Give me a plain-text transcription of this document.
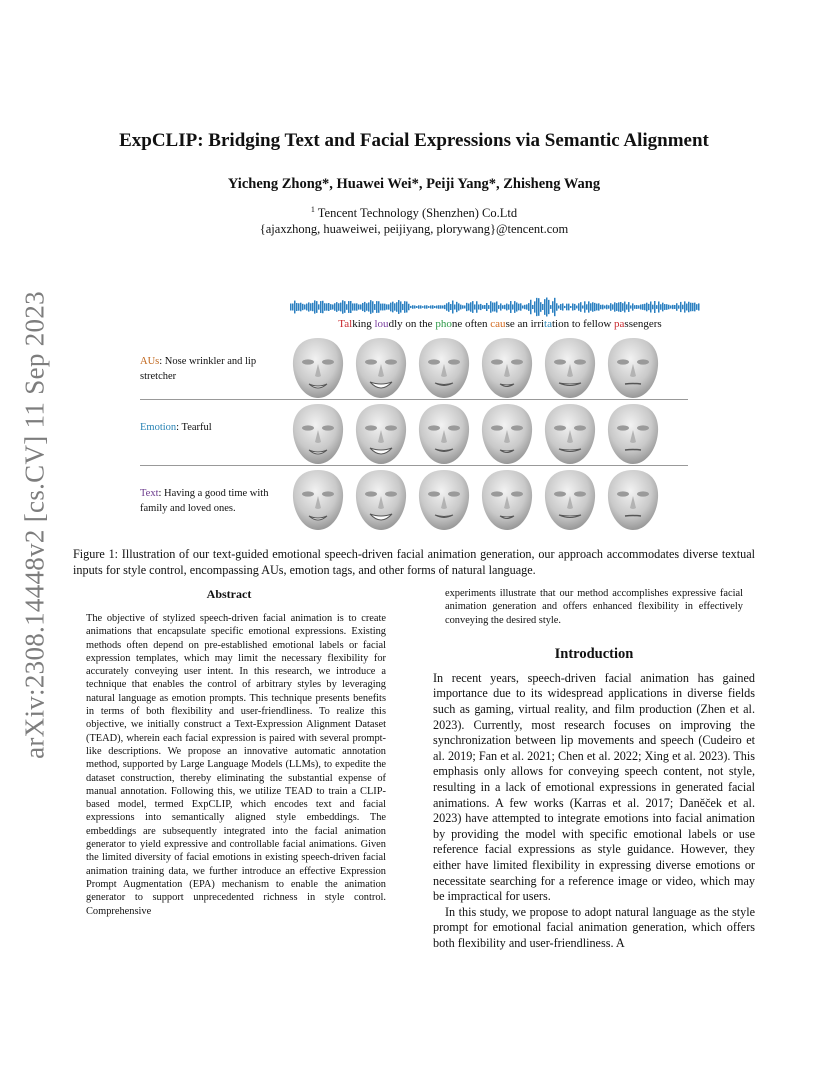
arXiv:2308.14448v2 [cs.CV] 11 Sep 2023
ExpCLIP: Bridging Text and Facial Expressions via Semantic Alignment
Yicheng Zhong*, Huawei Wei*, Peiji Yang*, Zhisheng Wang
$^1$ Tencent Technology (Shenzhen) Co.Ltd
{ajaxzhong, huaweiwei, peijiyang, plorywang}@tencent.com
Talking loudly on the phone often cause an irritation to fellow passengers
AUs: Nose wrinkler and lip stretcher
Emotion: Tearful
Text: Having a good time with family and loved ones.
Figure 1: Illustration of our text-guided emotional speech-driven facial animation generation, our approach accommodates diverse textual inputs for style control, encompassing AUs, emotion tags, and other forms of natural language.
Abstract

The objective of stylized speech-driven facial animation is to create animations that encapsulate specific emotional expressions. Existing methods often depend on pre-established emotional labels or facial expression templates, which may limit the necessary flexibility for accurately conveying user intent. In this research, we introduce a technique that enables the control of arbitrary styles by leveraging natural language as emotion prompts. This technique presents benefits in terms of both flexibility and user-friendliness. To realize this objective, we initially construct a Text-Expression Alignment Dataset (TEAD), wherein each facial expression is paired with several prompt-like descriptions. We propose an innovative automatic annotation method, supported by Large Language Models (LLMs), to expedite the dataset construction, thereby eliminating the substantial expense of manual annotation. Following this, we utilize TEAD to train a CLIP-based model, termed ExpCLIP, which encodes text and facial expressions into semantically aligned style embeddings. The embeddings are subsequently integrated into the facial animation generator to yield expressive and controllable facial animations. Given the limited diversity of facial emotions in existing speech-driven facial animation training data, we further introduce an effective Expression Prompt Augmentation (EPA) mechanism to enable the animation generator to support unprecedented richness in style control. Comprehensive

experiments illustrate that our method accomplishes expressive facial animation generation and offers enhanced flexibility in effectively conveying the desired style.

Introduction

In recent years, speech-driven facial animation has gained importance due to its widespread applications in diverse fields such as gaming, virtual reality, and film production (Zhen et al. 2023). Currently, most research focuses on improving the synchronization between lip movements and speech (Cudeiro et al. 2019; Fan et al. 2021; Chen et al. 2022; Xing et al. 2023). This emphasis only allows for conveying speech content, not style, resulting in a lack of emotional expressions in generated facial animations. A few works (Karras et al. 2017; Daněček et al. 2023) have attempted to integrate emotions into facial animation by providing the model with specific emotional labels or use reference facial expressions as style guidance. However, they either have limited flexibility in expressing diverse emotions or necessitate searching for a reference image or video, which may be impractical for users.

In this study, we propose to adopt natural language as the style prompt for emotional facial animation generation, which offers both flexibility and user-friendliness. A
